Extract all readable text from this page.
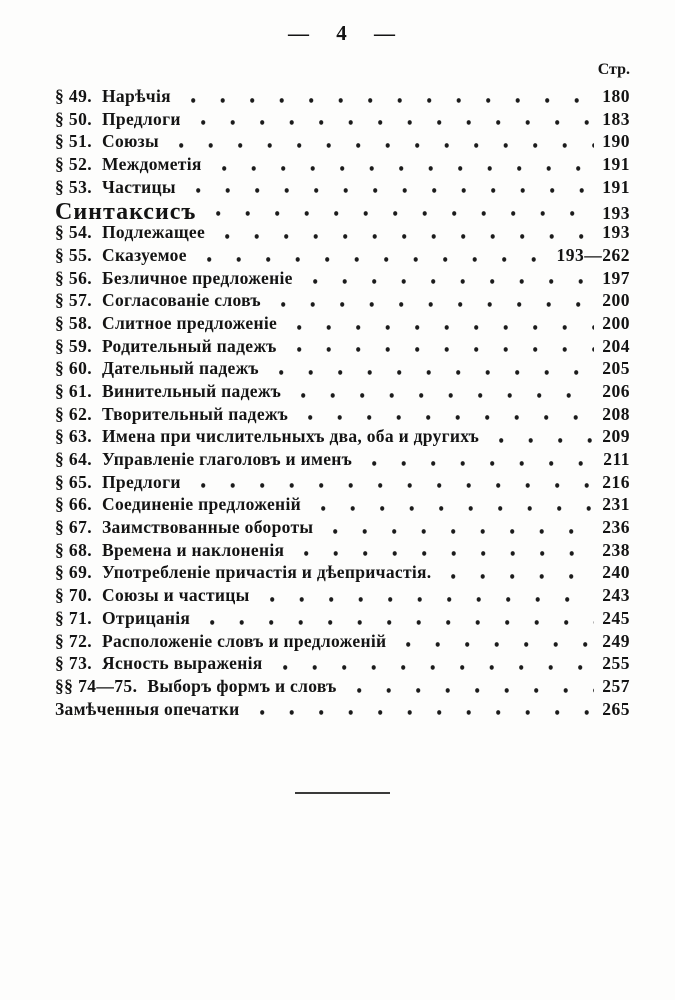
— 4 —
Стр.
§ 49. Нарѣчія	180
§ 50. Предлоги	183
§ 51. Союзы	190
§ 52. Междометія	191
§ 53. Частицы	191
Синтаксисъ	193
§ 54. Подлежащее	193
§ 55. Сказуемое	193—262
§ 56. Безличное предложеніе	197
§ 57. Согласованіе словъ	200
§ 58. Слитное предложеніе	200
§ 59. Родительный падежъ	204
§ 60. Дательный падежъ	205
§ 61. Винительный падежъ	206
§ 62. Творительный падежъ	208
§ 63. Имена при числительныхъ два, оба и другихъ	209
§ 64. Управленіе глаголовъ и именъ	211
§ 65. Предлоги	216
§ 66. Соединеніе предложеній	231
§ 67. Заимствованные обороты	236
§ 68. Времена и наклоненія	238
§ 69. Употребленіе причастія и дѣепричастія.	240
§ 70. Союзы и частицы	243
§ 71. Отрицанія	245
§ 72. Расположеніе словъ и предложеній	249
§ 73. Ясность выраженія	255
§§ 74—75. Выборъ формъ и словъ	257
Замѣченныя опечатки	265
